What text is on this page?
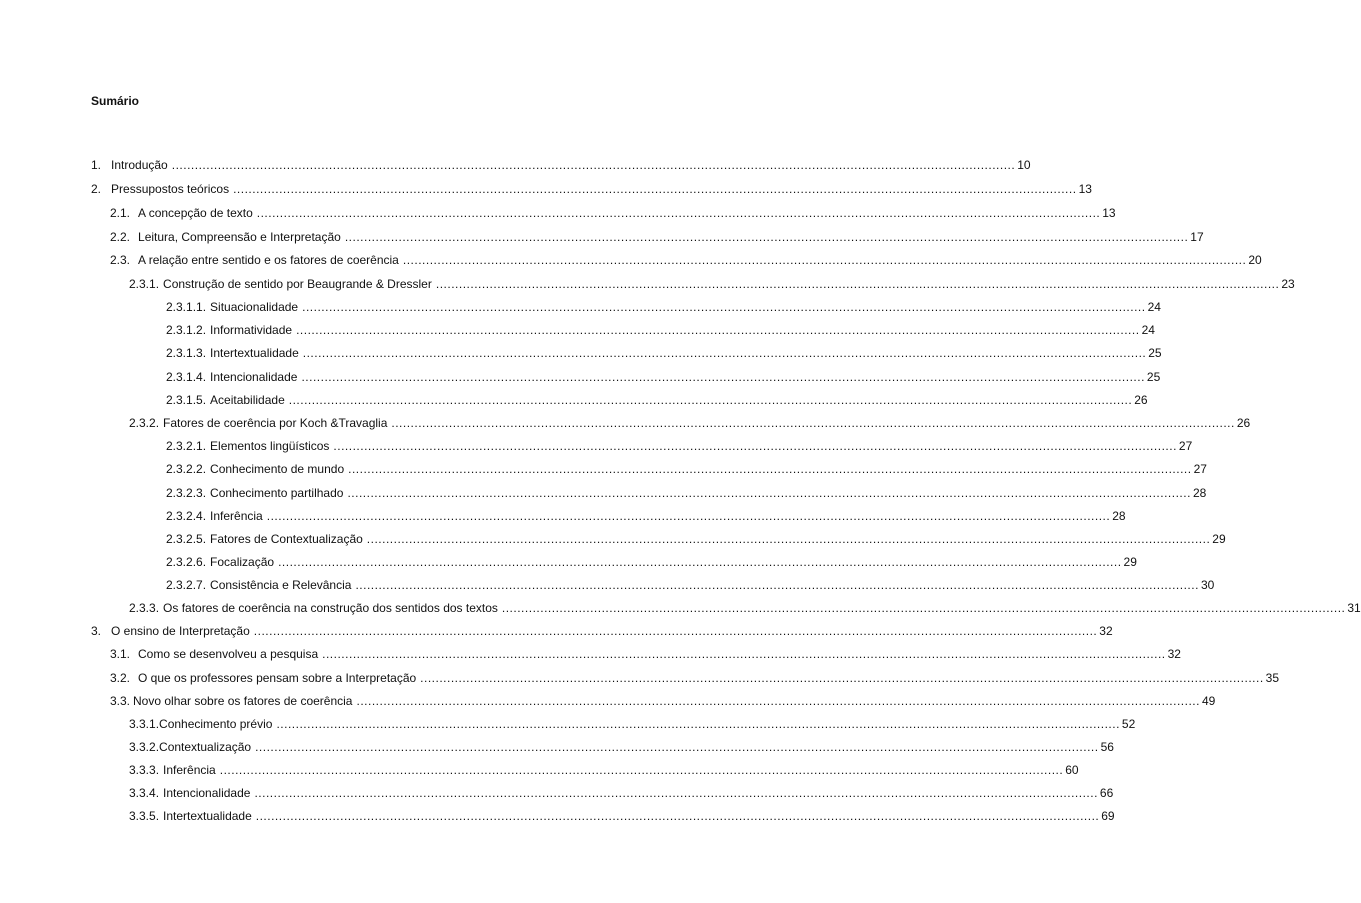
Sumário
1. Introdução ............................................................................................................................................................................................................................ 10
2. Pressupostos teóricos ............................................................................................................................................................................................................................ 13
2.1. A concepção de texto ............................................................................................................................................................................................................................ 13
2.2. Leitura, Compreensão e Interpretação ............................................................................................................................................................................................................................ 17
2.3. A relação entre sentido e os fatores de coerência ............................................................................................................................................................................................................................ 20
2.3.1. Construção de sentido por Beaugrande & Dressler ............................................................................................................................................................................................................................ 23
2.3.1.1. Situacionalidade ............................................................................................................................................................................................................................ 24
2.3.1.2. Informatividade ............................................................................................................................................................................................................................ 24
2.3.1.3. Intertextualidade ............................................................................................................................................................................................................................ 25
2.3.1.4. Intencionalidade ............................................................................................................................................................................................................................ 25
2.3.1.5. Aceitabilidade ............................................................................................................................................................................................................................ 26
2.3.2. Fatores de coerência por Koch &Travaglia ............................................................................................................................................................................................................................ 26
2.3.2.1. Elementos lingüísticos ............................................................................................................................................................................................................................ 27
2.3.2.2. Conhecimento de mundo ............................................................................................................................................................................................................................ 27
2.3.2.3. Conhecimento partilhado ............................................................................................................................................................................................................................ 28
2.3.2.4. Inferência ............................................................................................................................................................................................................................ 28
2.3.2.5. Fatores de Contextualização ............................................................................................................................................................................................................................ 29
2.3.2.6. Focalização ............................................................................................................................................................................................................................ 29
2.3.2.7. Consistência e Relevância ............................................................................................................................................................................................................................ 30
2.3.3. Os fatores de coerência na construção dos sentidos dos textos ............................................................................................................................................................................................................................ 31
3. O ensino de Interpretação ............................................................................................................................................................................................................................ 32
3.1. Como se desenvolveu a pesquisa ............................................................................................................................................................................................................................ 32
3.2. O que os professores pensam sobre a Interpretação ............................................................................................................................................................................................................................ 35
3.3. Novo olhar sobre os fatores de coerência ............................................................................................................................................................................................................................ 49
3.3.1. Conhecimento prévio ............................................................................................................................................................................................................................ 52
3.3.2. Contextualização ............................................................................................................................................................................................................................ 56
3.3.3. Inferência ............................................................................................................................................................................................................................ 60
3.3.4. Intencionalidade ............................................................................................................................................................................................................................ 66
3.3.5. Intertextualidade ............................................................................................................................................................................................................................ 69
